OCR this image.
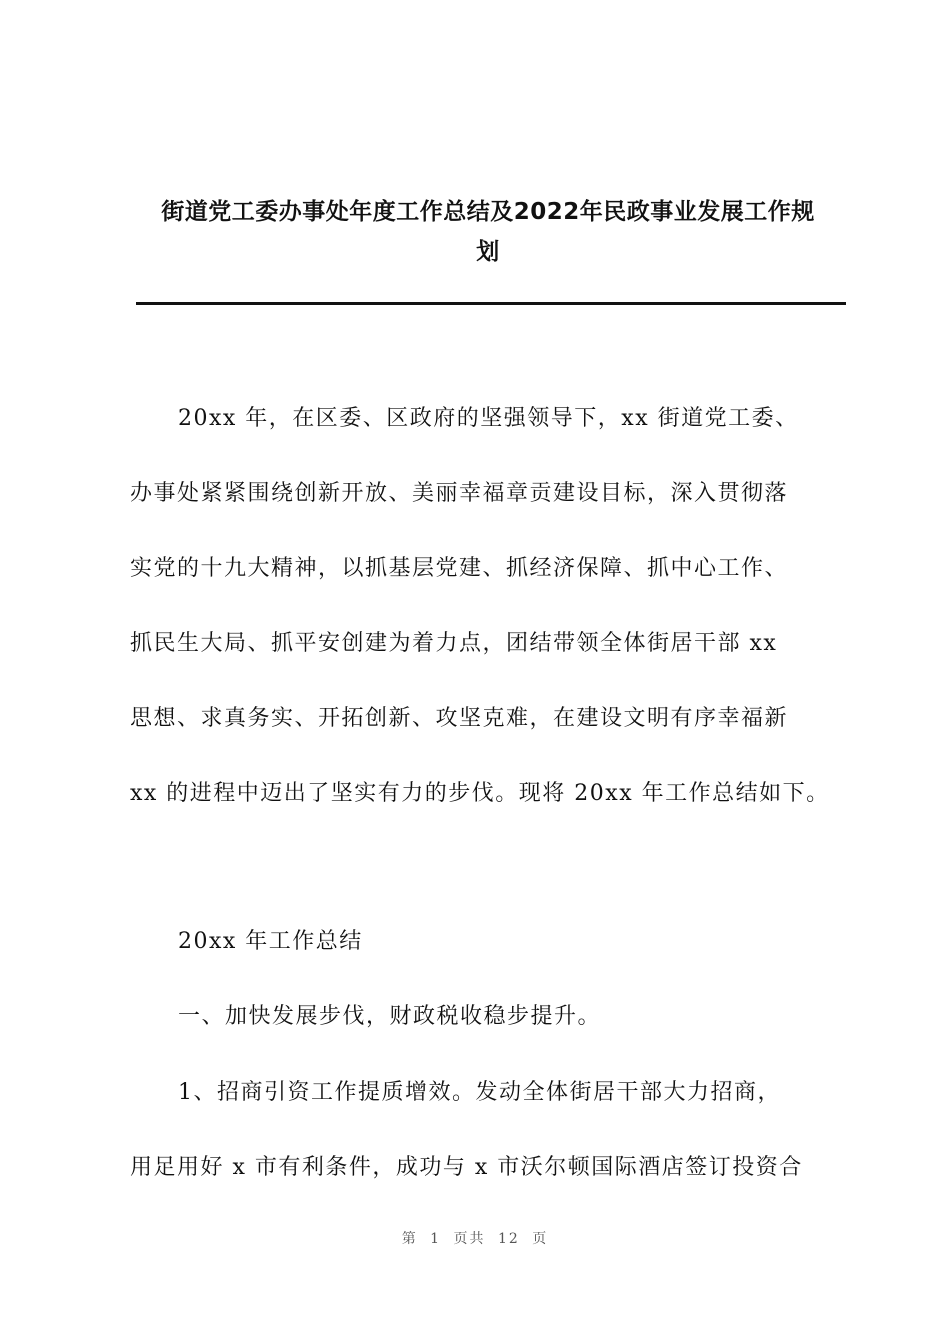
街道党工委办事处年度工作总结及2022年民政事业发展工作规
划
20xx 年，在区委、区政府的坚强领导下，xx 街道党工委、
办事处紧紧围绕创新开放、美丽幸福章贡建设目标，深入贯彻落
实党的十九大精神，以抓基层党建、抓经济保障、抓中心工作、
抓民生大局、抓平安创建为着力点，团结带领全体街居干部 xx
思想、求真务实、开拓创新、攻坚克难，在建设文明有序幸福新
xx 的进程中迈出了坚实有力的步伐。现将 20xx 年工作总结如下。
20xx 年工作总结
一、加快发展步伐，财政税收稳步提升。
1、招商引资工作提质增效。发动全体街居干部大力招商，
用足用好 x 市有利条件，成功与 x 市沃尔顿国际酒店签订投资合
第 1 页共 12 页
